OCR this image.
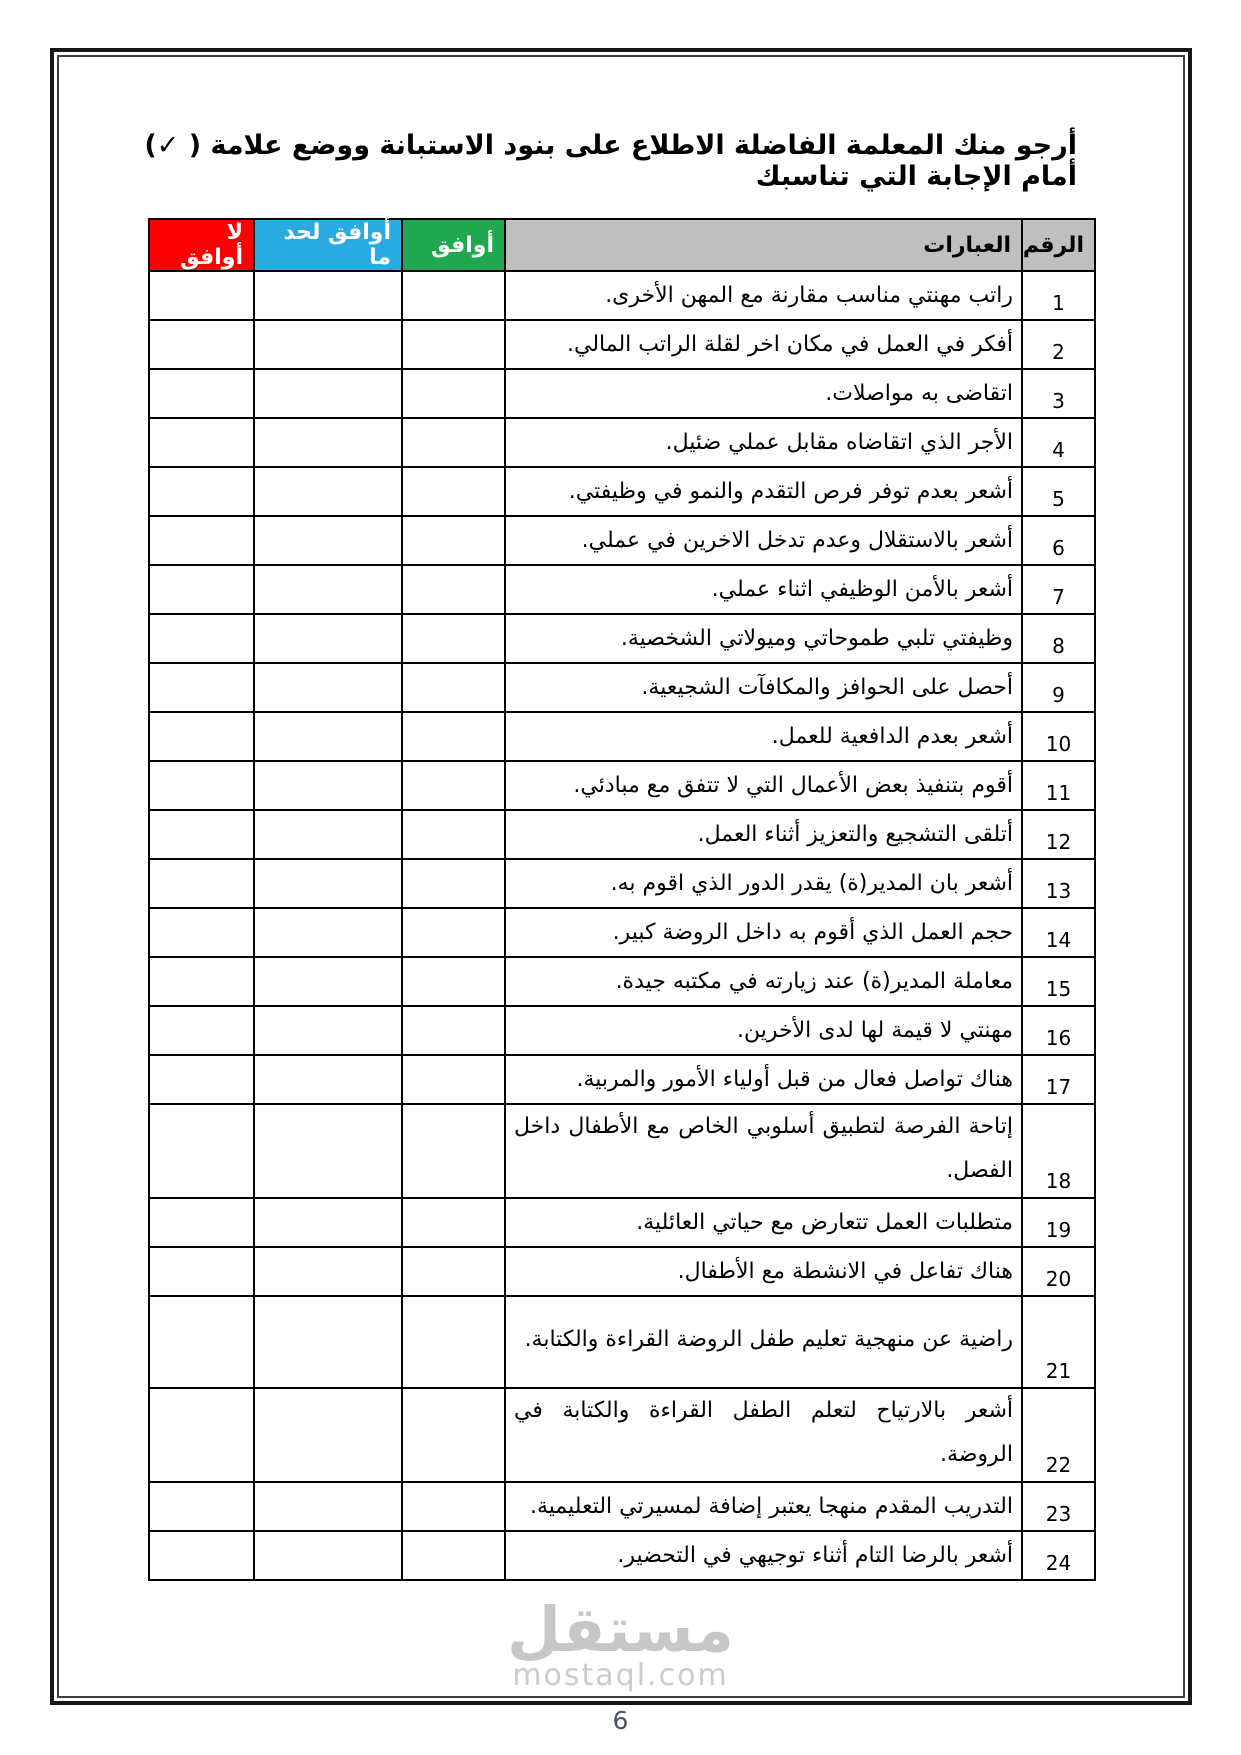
مستقل
mostaql.com
أرجو منك المعلمة الفاضلة الاطلاع على بنود الاستبانة ووضع علامة ( ✓) أمام الإجابة التي تناسبك
الرقم	العبارات	أوافق	أوافق لحد ما	لا أوافق
1	راتب مهنتي مناسب مقارنة مع المهن الأخرى.			
2	أفكر في العمل في مكان اخر لقلة الراتب المالي.			
3	اتقاضى به مواصلات.			
4	الأجر الذي اتقاضاه مقابل عملي ضئيل.			
5	أشعر بعدم توفر فرص التقدم والنمو في وظيفتي.			
6	أشعر بالاستقلال وعدم تدخل الاخرين في عملي.			
7	أشعر بالأمن الوظيفي اثناء عملي.			
8	وظيفتي تلبي طموحاتي وميولاتي الشخصية.			
9	أحصل على الحوافز والمكافآت الشجيعية.			
10	أشعر بعدم الدافعية للعمل.			
11	أقوم بتنفيذ بعض الأعمال التي لا تتفق مع مبادئي.			
12	أتلقى التشجيع والتعزيز أثناء العمل.			
13	أشعر بان المدير(ة) يقدر الدور الذي اقوم به.			
14	حجم العمل الذي أقوم به داخل الروضة كبير.			
15	معاملة المدير(ة) عند زيارته في مكتبه جيدة.			
16	مهنتي لا قيمة لها لدى الأخرين.			
17	هناك تواصل فعال من قبل أولياء الأمور والمربية.			
18	إتاحة الفرصة لتطبيق أسلوبي الخاص مع الأطفال داخل الفصل.			
19	متطلبات العمل تتعارض مع حياتي العائلية.			
20	هناك تفاعل في الانشطة مع الأطفال.			
21	راضية عن منهجية تعليم طفل الروضة القراءة والكتابة.			
22	أشعر بالارتياح لتعلم الطفل القراءة والكتابة في الروضة.			
23	التدريب المقدم منهجا يعتبر إضافة لمسيرتي التعليمية.			
24	أشعر بالرضا التام أثناء توجيهي في التحضير.			
6
